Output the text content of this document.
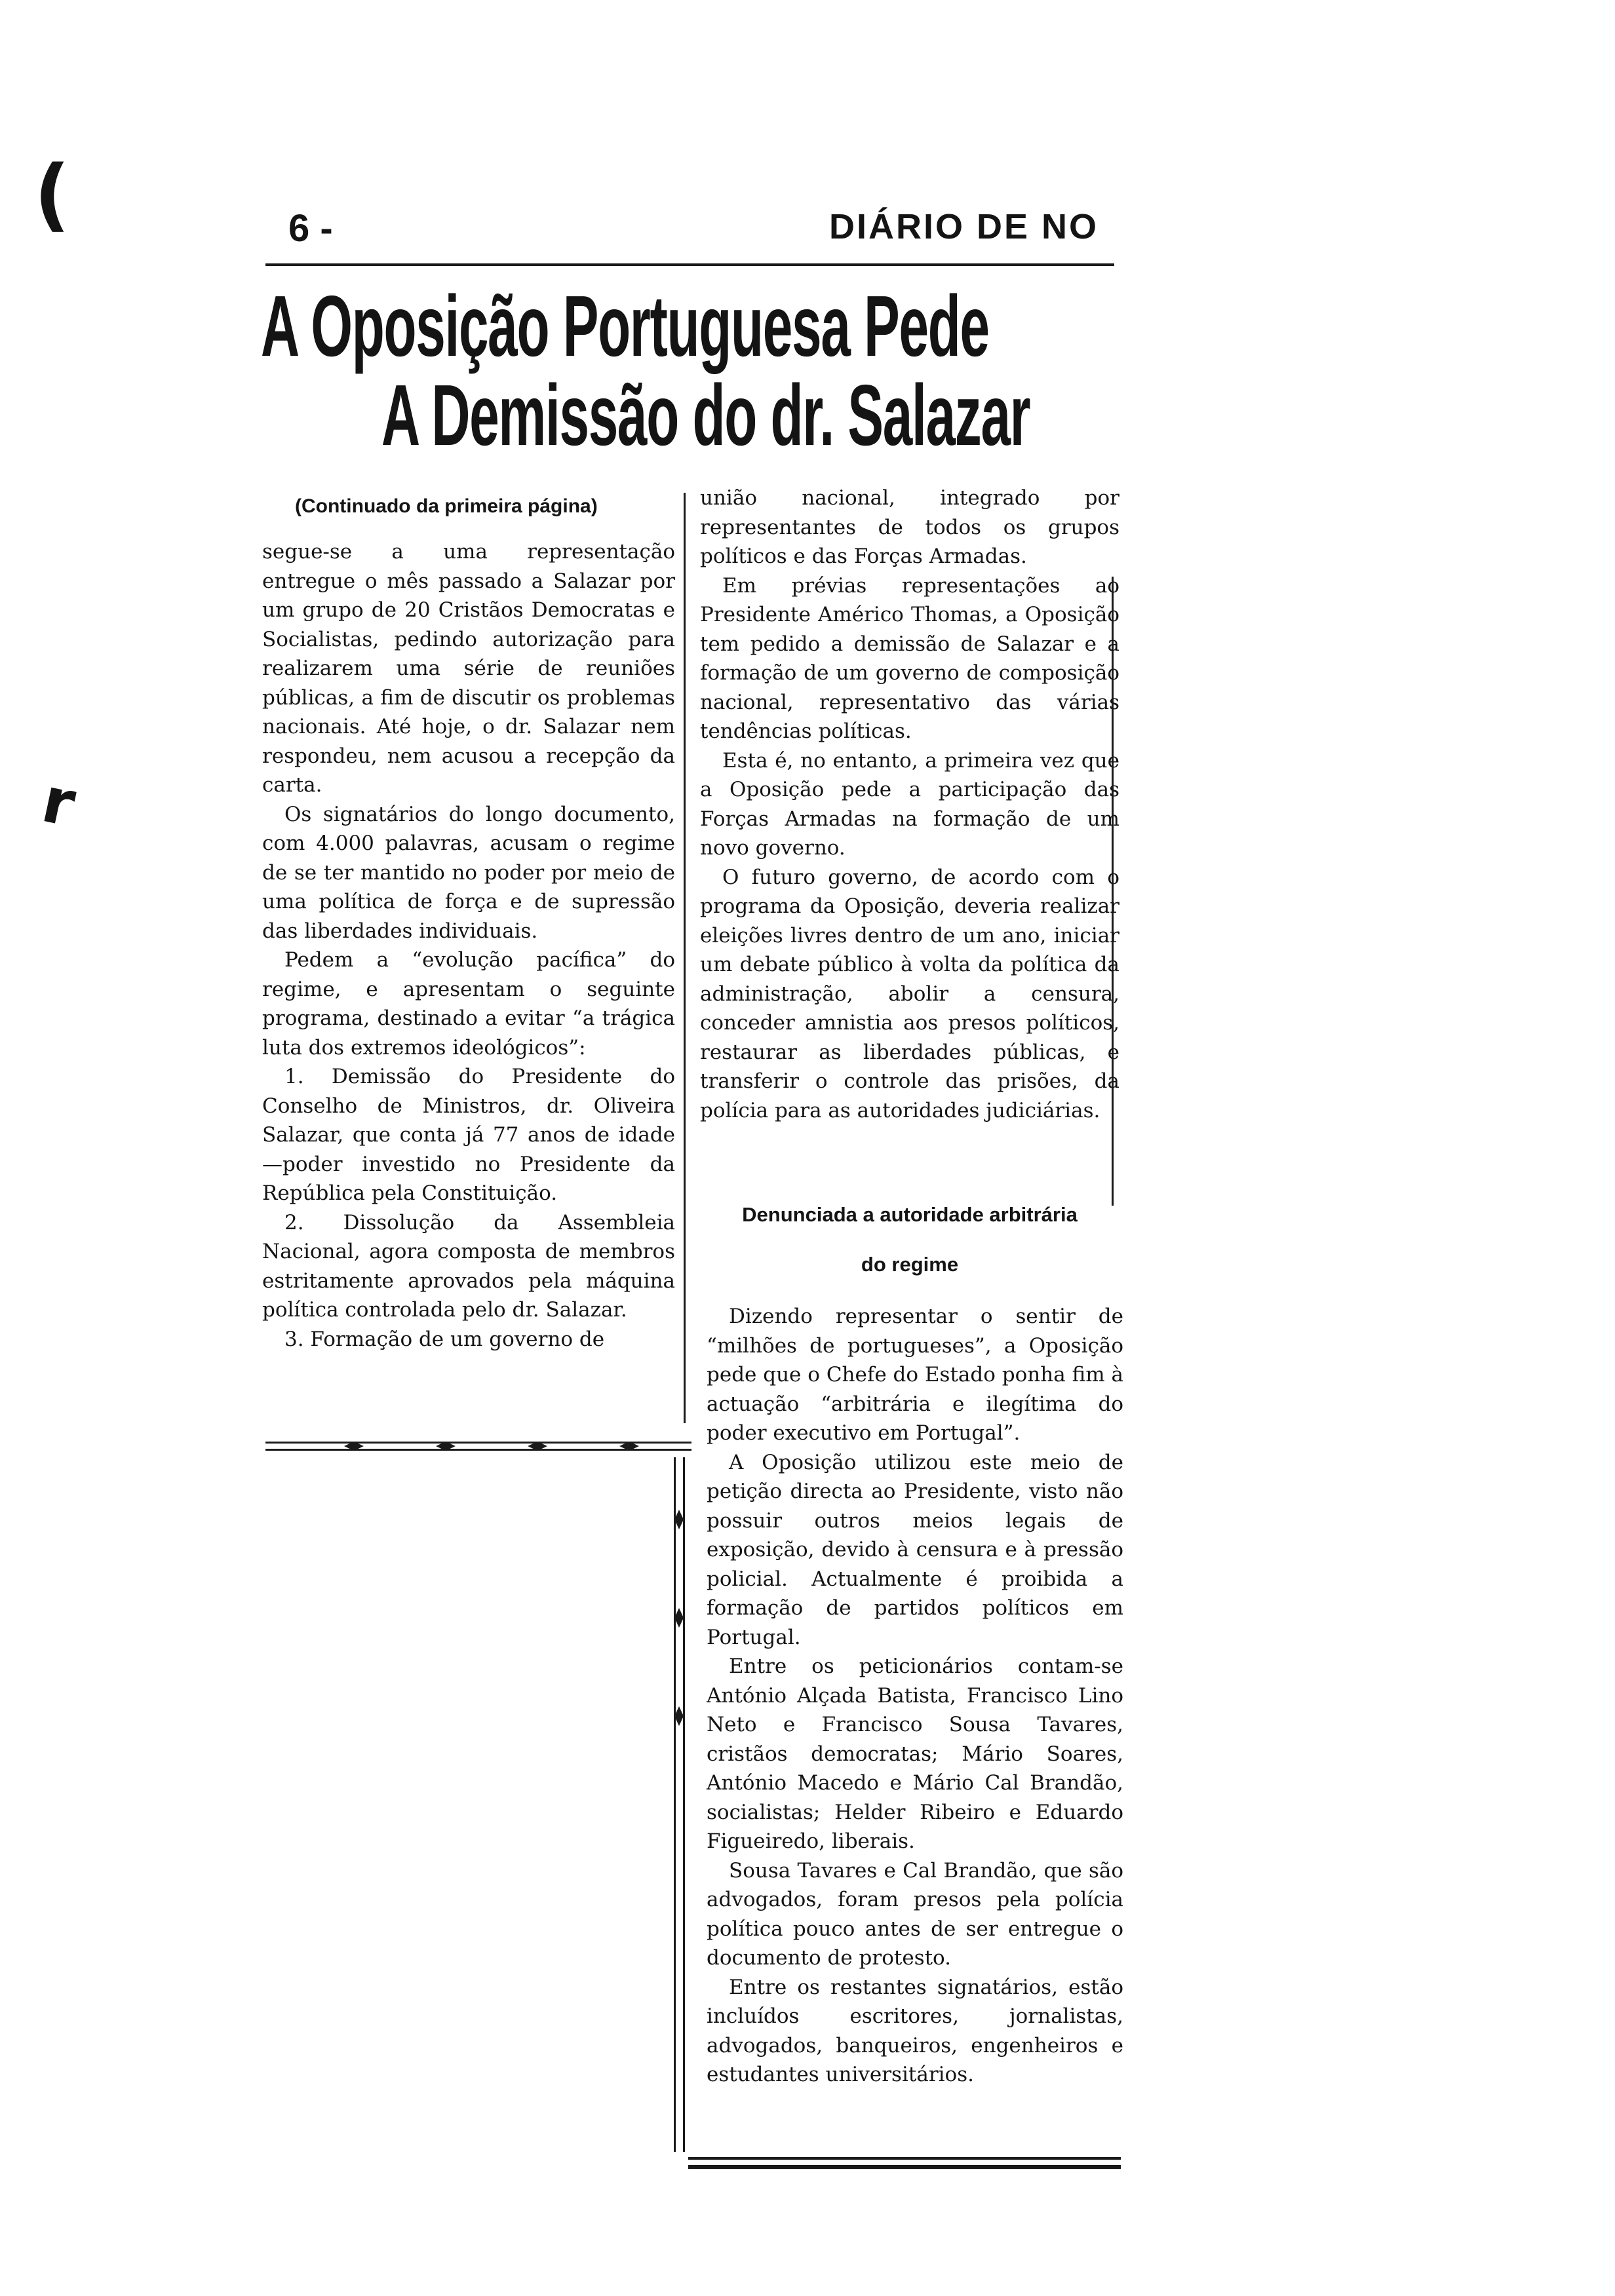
(
r
6 -	DIÁRIO DE NO
A Oposição Portuguesa Pede
A Demissão do dr. Salazar
(Continuado da primeira página)

segue-se a uma representação entregue o mês passado a Salazar por um grupo de 20 Cristãos Democratas e Socialistas, pedindo autorização para realizarem uma série de reuniões públicas, a fim de discutir os problemas nacionais. Até hoje, o dr. Salazar nem respondeu, nem acusou a recepção da carta.

Os signatários do longo documento, com 4.000 palavras, acusam o regime de se ter mantido no poder por meio de uma política de força e de supressão das liberdades individuais.

Pedem a “evolução pacífica” do regime, e apresentam o seguinte programa, destinado a evitar “a trágica luta dos extremos ideológicos”:

1. Demissão do Presidente do Conselho de Ministros, dr. Oliveira Salazar, que conta já 77 anos de idade—poder investido no Presidente da República pela Constituição.

2. Dissolução da Assembleia Nacional, agora composta de membros estritamente aprovados pela máquina política controlada pelo dr. Salazar.

3. Formação de um governo de

união nacional, integrado por representantes de todos os grupos políticos e das Forças Armadas.

Em prévias representações ao Presidente Américo Thomas, a Oposição tem pedido a demissão de Salazar e a formação de um governo de composição nacional, representativo das várias tendências políticas.

Esta é, no entanto, a primeira vez que a Oposição pede a participação das Forças Armadas na formação de um novo governo.

O futuro governo, de acordo com o programa da Oposição, deveria realizar eleições livres dentro de um ano, iniciar um debate público à volta da política da administração, abolir a censura, conceder amnistia aos presos políticos, restaurar as liberdades públicas, e transferir o controle das prisões, da polícia para as autoridades judiciárias.

Denunciada a autoridade arbitrária
do regime

Dizendo representar o sentir de “milhões de portugueses”, a Oposição pede que o Chefe do Estado ponha fim à actuação “arbitrária e ilegítima do poder executivo em Portugal”.

A Oposição utilizou este meio de petição directa ao Presidente, visto não possuir outros meios legais de exposição, devido à censura e à pressão policial. Actualmente é proibida a formação de partidos políticos em Portugal.

Entre os peticionários contam-se António Alçada Batista, Francisco Lino Neto e Francisco Sousa Tavares, cristãos democratas; Mário Soares, António Macedo e Mário Cal Brandão, socialistas; Helder Ribeiro e Eduardo Figueiredo, liberais.

Sousa Tavares e Cal Brandão, que são advogados, foram presos pela polícia política pouco antes de ser entregue o documento de protesto.

Entre os restantes signatários, estão incluídos escritores, jornalistas, advogados, banqueiros, engenheiros e estudantes universitários.
